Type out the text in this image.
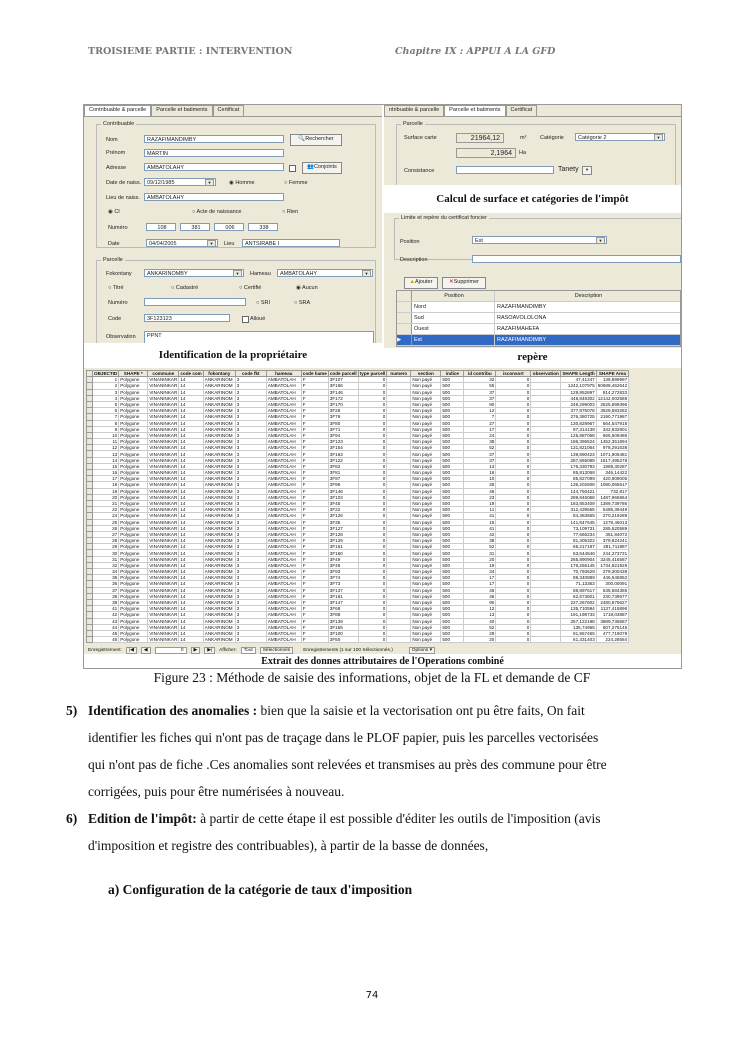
TROISIEME PARTIE : INTERVENTION	Chapitre IX : APPUI A LA GFD
Contribuable & parcelle	Parcelle et batiments	Certificat
Contribuable
Nom	RAZAFIMANDIMBY	🔍Rechercher
Prénom	MARTIN
Adresse	AMBATOLAHY	👥Conjoints
Date de naiss.	09/12/1985	▼	◉ Homme	○ Femme
Lieu de naiss.	AMBATOLAHY
◉ CI	○ Acte de naissance	○ Rien
Numéro	108	381	006	338
Date	04/04/2005	▼	Lieu	ANTSIRABE I
Parcelle
Fokontany	ANKARINOMBY	▼	Hameau	AMBATOLAHY	▼
○ Titré	○ Cadastré	○ Certifié	◉ Aucun
Numéro	○ SRI	○ SRA
Code	3F123123	Alloué
Observation	PPNT
Identification de la propriétaire
ntribuable & parcelle	Parcelle et batiments	Certificat
Parcelle
Surface carte	21964,12	m² Catégorie	Catégorie 2	▼
2,1964	Ha
Consistance	Tanety	▼
Calcul de surface et catégories de l'impôt
Limite et repère du certificat foncier
Position	Est	▼
Description
▲Ajouter	✕Supprimer
Position	Description
Nord	RAZAFIMANDIMBY
Sud	RASOAVOLOLONA
Ouest	RAZAFIMAHEFA
▶	Est	RAZAFIMANDIMBY
repère
	OBJECTID	SHAPE *	commune	code com	fokontany	code fkt	hameau	code hame	code parcell	type parcell	numero	section	indice	id contribu	isconsort	observation	SHAPE Length	SHAPE Area
	1	Polygone	VINANINKAR	14	ANKARINOM	3	AMBATOLAH	F	3F107	0		Non payé	500	32	0		47,41247	138,899997
	2	Polygone	VINANINKAR	14	ANKARINOM	3	AMBATOLAH	F	3F166	0		Non payé	500	55	0		1242,107975	60688,462642
	3	Polygone	VINANINKAR	14	ANKARINOM	3	AMBATOLAH	F	3F146	0		Non payé	500	37	0		129,852897	814,272833
	4	Polygone	VINANINKAR	14	ANKARINOM	3	AMBATOLAH	F	3F172	0		Non payé	500	37	0		448,848302	12142,002588
	5	Polygone	VINANINKAR	14	ANKARINOM	3	AMBATOLAH	F	3F170	0		Non payé	500	90	0		249,299003	2525,899396
	6	Polygone	VINANINKAR	14	ANKARINOM	3	AMBATOLAH	F	3F28	0		Non payé	500	12	0		377,876078	3529,583282
	7	Polygone	VINANINKAR	14	ANKARINOM	3	AMBATOLAH	F	3F76	0		Non payé	500	7	0		276,380725	2190,771987
	8	Polygone	VINANINKAR	14	ANKARINOM	3	AMBATOLAH	F	3F80	0		Non payé	500	27	0		130,828967	564,547918
	9	Polygone	VINANINKAR	14	ANKARINOM	3	AMBATOLAH	F	3F71	0		Non payé	500	17	0		97,314138	342,932801
	10	Polygone	VINANINKAR	14	ANKARINOM	3	AMBATOLAH	F	3F94	0		Non payé	500	24	0		125,887068	665,509486
	11	Polygone	VINANINKAR	14	ANKARINOM	3	AMBATOLAH	F	3F123	0		Non payé	500	38	0		186,396524	1452,351694
	12	Polygone	VINANINKAR	14	ANKARINOM	3	AMBATOLAH	F	3F154	0		Non payé	500	52	0		131,821064	978,291638
	13	Polygone	VINANINKAR	14	ANKARINOM	3	AMBATOLAH	F	3F163	0		Non payé	500	37	0		139,890423	1071,905481
	14	Polygone	VINANINKAR	14	ANKARINOM	3	AMBATOLAH	F	3F122	0		Non payé	500	37	0		287,865089	1617,495278
	15	Polygone	VINANINKAR	14	ANKARINOM	3	AMBATOLAH	F	3F82	0		Non payé	500	13	0		176,330793	1968,30287
	16	Polygone	VINANINKAR	14	ANKARINOM	3	AMBATOLAH	F	3F81	0		Non payé	500	16	0		85,813068	346,14422
	17	Polygone	VINANINKAR	14	ANKARINOM	3	AMBATOLAH	F	3F97	0		Non payé	500	10	0		85,827099	420,909005
	18	Polygone	VINANINKAR	14	ANKARINOM	3	AMBATOLAH	F	3F96	0		Non payé	500	28	0		136,202608	1080,065517
	19	Polygone	VINANINKAR	14	ANKARINOM	3	AMBATOLAH	F	3F146	0		Non payé	500	46	0		144,750421	732,817
	20	Polygone	VINANINKAR	14	ANKARINOM	3	AMBATOLAH	F	3F103	0		Non payé	500	23	0		289,846068	1487,966864
	21	Polygone	VINANINKAR	14	ANKARINOM	3	AMBATOLAH	F	3F45	0		Non payé	500	19	0		183,853409	1389,739786
	22	Polygone	VINANINKAR	14	ANKARINOM	3	AMBATOLAH	F	3F22	0		Non payé	500	11	0		312,439655	5485,39449
	24	Polygone	VINANINKAR	14	ANKARINOM	3	AMBATOLAH	F	3F126	0		Non payé	500	41	0		84,383655	270,219289
	25	Polygone	VINANINKAR	14	ANKARINOM	3	AMBATOLAH	F	3F35	0		Non payé	500	15	0		141,847645	1278,46013
	26	Polygone	VINANINKAR	14	ANKARINOM	3	AMBATOLAH	F	3F127	0		Non payé	500	41	0		73,109731	285,520589
	27	Polygone	VINANINKAR	14	ANKARINOM	3	AMBATOLAH	F	3F128	0		Non payé	500	42	0		77,666234	351,84072
	28	Polygone	VINANINKAR	14	ANKARINOM	3	AMBATOLAH	F	3F129	0		Non payé	500	38	0		81,305322	379,824241
	29	Polygone	VINANINKAR	14	ANKARINOM	3	AMBATOLAH	F	3F151	0		Non payé	500	52	0		65,217197	281,711987
	30	Polygone	VINANINKAR	14	ANKARINOM	3	AMBATOLAH	F	3F160	0		Non payé	500	31	0		63,644646	244,273731
	31	Polygone	VINANINKAR	14	ANKARINOM	3	AMBATOLAH	F	3F49	0		Non payé	500	20	0		265,890904	3245,416587
	32	Polygone	VINANINKAR	14	ANKARINOM	3	AMBATOLAH	F	3F46	0		Non payé	500	19	0		176,256145	1734,821929
	34	Polygone	VINANINKAR	14	ANKARINOM	3	AMBATOLAH	F	3F93	0		Non payé	500	34	0		70,793629	279,300438
	35	Polygone	VINANINKAR	14	ANKARINOM	3	AMBATOLAH	F	3F74	0		Non payé	500	17	0		88,340889	446,545852
	36	Polygone	VINANINKAR	14	ANKARINOM	3	AMBATOLAH	F	3F73	0		Non payé	500	17	0		71,13363	300,00091
	37	Polygone	VINANINKAR	14	ANKARINOM	3	AMBATOLAH	F	3F137	0		Non payé	500	46	0		88,897617	535,584386
	38	Polygone	VINANINKAR	14	ANKARINOM	3	AMBATOLAH	F	3F161	0		Non payé	500	46	0		62,573601	230,739577
	39	Polygone	VINANINKAR	14	ANKARINOM	3	AMBATOLAH	F	3F147	0		Non payé	500	90	0		227,267602	2480,875627
	41	Polygone	VINANINKAR	14	ANKARINOM	3	AMBATOLAH	F	3F68	0		Non payé	500	12	0		135,710594	1137,415896
	42	Polygone	VINANINKAR	14	ANKARINOM	3	AMBATOLAH	F	3F88	0		Non payé	500	13	0		191,198733	1718,03887
	43	Polygone	VINANINKAR	14	ANKARINOM	3	AMBATOLAH	F	3F139	0		Non payé	500	40	0		257,122198	3989,735687
	44	Polygone	VINANINKAR	14	ANKARINOM	3	AMBATOLAH	F	3F155	0		Non payé	500	52	0		135,74955	607,276145
	45	Polygone	VINANINKAR	14	ANKARINOM	3	AMBATOLAH	F	3F100	0		Non payé	500	29	0		91,957465	477,719079
	46	Polygone	VINANINKAR	14	ANKARINOM	3	AMBATOLAH	F	3F50	0		Non payé	500	20	0		61,331403	224,28584
Enregistrement:	|◀	◀	0	▶	▶|	Afficher:	Tout	Sélectionnés	Enregistrements (1 sur 100 Sélectionnés.)	Options ▾
Extrait des donnes attributaires de l'Operations combiné
Figure 23 : Méthode de saisie des informations, objet de la FL et demande de CF
5) Identification des anomalies : bien que la saisie et la vectorisation ont pu être faits, On fait
identifier les fiches qui n'ont pas de traçage dans le PLOF papier, puis les parcelles vectorisées
qui n'ont pas de fiche .Ces anomalies sont relevées et transmises au près des commune pour être
corrigées, puis pour être numérisées à nouveau.
6) Edition de l'impôt: à partir de cette étape il est possible d'éditer les outils de l'imposition (avis
d'imposition et registre des contribuables), à partir de la basse de données,
a) Configuration de la catégorie de taux d'imposition
74
